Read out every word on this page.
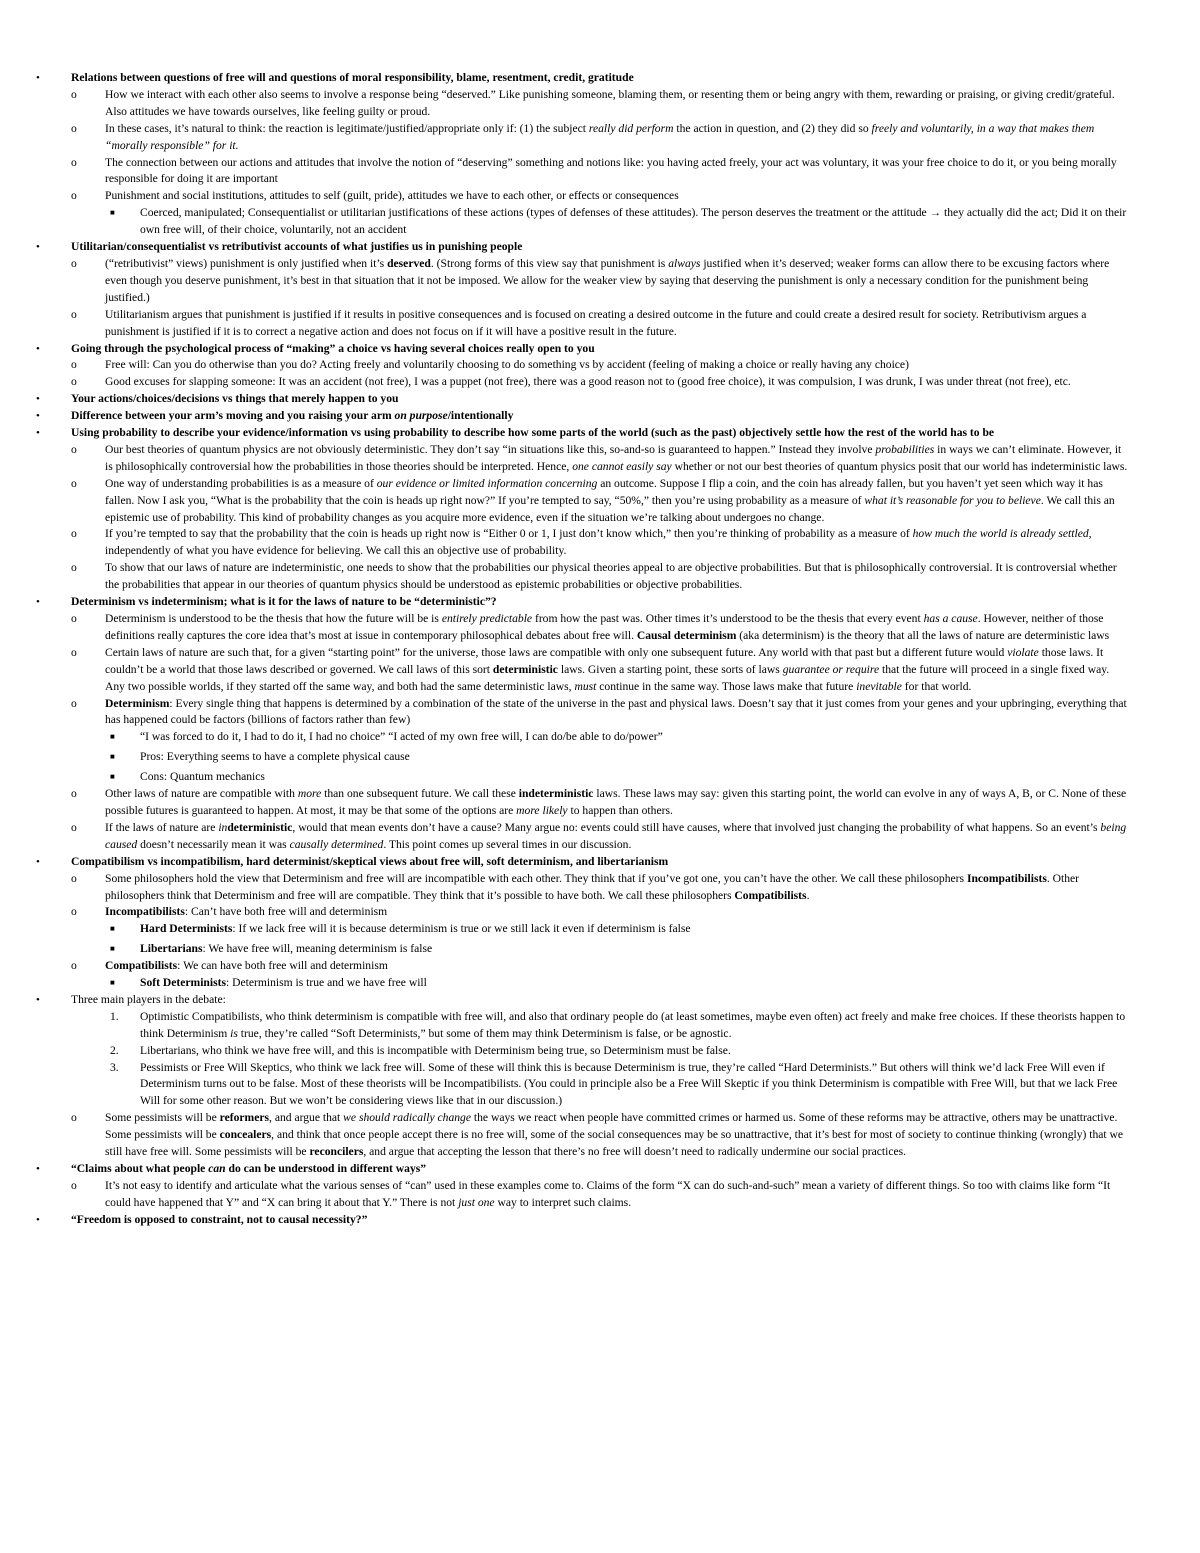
•	Relations between questions of free will and questions of moral responsibility, blame, resentment, credit, gratitude
o	How we interact with each other also seems to involve a response being “deserved.” Like punishing someone, blaming them, or resenting them or being angry with them, rewarding or praising, or giving credit/grateful. Also attitudes we have towards ourselves, like feeling guilty or proud.
o	In these cases, it’s natural to think: the reaction is legitimate/justified/appropriate only if: (1) the subject really did perform the action in question, and (2) they did so freely and voluntarily, in a way that makes them “morally responsible” for it.
o	The connection between our actions and attitudes that involve the notion of “deserving” something and notions like: you having acted freely, your act was voluntary, it was your free choice to do it, or you being morally responsible for doing it are important
o	Punishment and social institutions, attitudes to self (guilt, pride), attitudes we have to each other, or effects or consequences
■	Coerced, manipulated; Consequentialist or utilitarian justifications of these actions (types of defenses of these attitudes). The person deserves the treatment or the attitude → they actually did the act; Did it on their own free will, of their choice, voluntarily, not an accident
•	Utilitarian/consequentialist vs retributivist accounts of what justifies us in punishing people
o	(“retributivist” views) punishment is only justified when it’s deserved. (Strong forms of this view say that punishment is always justified when it’s deserved; weaker forms can allow there to be excusing factors where even though you deserve punishment, it’s best in that situation that it not be imposed. We allow for the weaker view by saying that deserving the punishment is only a necessary condition for the punishment being justified.)
o	Utilitarianism argues that punishment is justified if it results in positive consequences and is focused on creating a desired outcome in the future and could create a desired result for society. Retributivism argues a punishment is justified if it is to correct a negative action and does not focus on if it will have a positive result in the future.
•	Going through the psychological process of “making” a choice vs having several choices really open to you
o	Free will: Can you do otherwise than you do? Acting freely and voluntarily choosing to do something vs by accident (feeling of making a choice or really having any choice)
o	Good excuses for slapping someone: It was an accident (not free), I was a puppet (not free), there was a good reason not to (good free choice), it was compulsion, I was drunk, I was under threat (not free), etc.
•	Your actions/choices/decisions vs things that merely happen to you
•	Difference between your arm’s moving and you raising your arm on purpose/intentionally
•	Using probability to describe your evidence/information vs using probability to describe how some parts of the world (such as the past) objectively settle how the rest of the world has to be
o	Our best theories of quantum physics are not obviously deterministic. They don’t say “in situations like this, so-and-so is guaranteed to happen.” Instead they involve probabilities in ways we can’t eliminate. However, it is philosophically controversial how the probabilities in those theories should be interpreted. Hence, one cannot easily say whether or not our best theories of quantum physics posit that our world has indeterministic laws.
o	One way of understanding probabilities is as a measure of our evidence or limited information concerning an outcome. Suppose I flip a coin, and the coin has already fallen, but you haven’t yet seen which way it has fallen. Now I ask you, “What is the probability that the coin is heads up right now?” If you’re tempted to say, “50%,” then you’re using probability as a measure of what it’s reasonable for you to believe. We call this an epistemic use of probability. This kind of probability changes as you acquire more evidence, even if the situation we’re talking about undergoes no change.
o	If you’re tempted to say that the probability that the coin is heads up right now is “Either 0 or 1, I just don’t know which,” then you’re thinking of probability as a measure of how much the world is already settled, independently of what you have evidence for believing. We call this an objective use of probability.
o	To show that our laws of nature are indeterministic, one needs to show that the probabilities our physical theories appeal to are objective probabilities. But that is philosophically controversial. It is controversial whether the probabilities that appear in our theories of quantum physics should be understood as epistemic probabilities or objective probabilities.
•	Determinism vs indeterminism; what is it for the laws of nature to be “deterministic”?
o	Determinism is understood to be the thesis that how the future will be is entirely predictable from how the past was. Other times it’s understood to be the thesis that every event has a cause. However, neither of those definitions really captures the core idea that’s most at issue in contemporary philosophical debates about free will. Causal determinism (aka determinism) is the theory that all the laws of nature are deterministic laws
o	Certain laws of nature are such that, for a given “starting point” for the universe, those laws are compatible with only one subsequent future. Any world with that past but a different future would violate those laws. It couldn’t be a world that those laws described or governed. We call laws of this sort deterministic laws. Given a starting point, these sorts of laws guarantee or require that the future will proceed in a single fixed way. Any two possible worlds, if they started off the same way, and both had the same deterministic laws, must continue in the same way. Those laws make that future inevitable for that world.
o	Determinism: Every single thing that happens is determined by a combination of the state of the universe in the past and physical laws. Doesn’t say that it just comes from your genes and your upbringing, everything that has happened could be factors (billions of factors rather than few)
■	“I was forced to do it, I had to do it, I had no choice” “I acted of my own free will, I can do/be able to do/power”
■	Pros: Everything seems to have a complete physical cause
■	Cons: Quantum mechanics
o	Other laws of nature are compatible with more than one subsequent future. We call these indeterministic laws. These laws may say: given this starting point, the world can evolve in any of ways A, B, or C. None of these possible futures is guaranteed to happen. At most, it may be that some of the options are more likely to happen than others.
o	If the laws of nature are indeterministic, would that mean events don’t have a cause? Many argue no: events could still have causes, where that involved just changing the probability of what happens. So an event’s being caused doesn’t necessarily mean it was causally determined. This point comes up several times in our discussion.
•	Compatibilism vs incompatibilism, hard determinist/skeptical views about free will, soft determinism, and libertarianism
o	Some philosophers hold the view that Determinism and free will are incompatible with each other. They think that if you’ve got one, you can’t have the other. We call these philosophers Incompatibilists. Other philosophers think that Determinism and free will are compatible. They think that it’s possible to have both. We call these philosophers Compatibilists.
o	Incompatibilists: Can’t have both free will and determinism
■	Hard Determinists: If we lack free will it is because determinism is true or we still lack it even if determinism is false
■	Libertarians: We have free will, meaning determinism is false
o	Compatibilists: We can have both free will and determinism
■	Soft Determinists: Determinism is true and we have free will
•	Three main players in the debate:
1.	Optimistic Compatibilists, who think determinism is compatible with free will, and also that ordinary people do (at least sometimes, maybe even often) act freely and make free choices. If these theorists happen to think Determinism is true, they’re called “Soft Determinists,” but some of them may think Determinism is false, or be agnostic.
2.	Libertarians, who think we have free will, and this is incompatible with Determinism being true, so Determinism must be false.
3.	Pessimists or Free Will Skeptics, who think we lack free will. Some of these will think this is because Determinism is true, they’re called “Hard Determinists.” But others will think we’d lack Free Will even if Determinism turns out to be false. Most of these theorists will be Incompatibilists. (You could in principle also be a Free Will Skeptic if you think Determinism is compatible with Free Will, but that we lack Free Will for some other reason. But we won’t be considering views like that in our discussion.)
o	Some pessimists will be reformers, and argue that we should radically change the ways we react when people have committed crimes or harmed us. Some of these reforms may be attractive, others may be unattractive. Some pessimists will be concealers, and think that once people accept there is no free will, some of the social consequences may be so unattractive, that it’s best for most of society to continue thinking (wrongly) that we still have free will. Some pessimists will be reconcilers, and argue that accepting the lesson that there’s no free will doesn’t need to radically undermine our social practices.
•	“Claims about what people can do can be understood in different ways”
o	It’s not easy to identify and articulate what the various senses of “can” used in these examples come to. Claims of the form “X can do such-and-such” mean a variety of different things. So too with claims like form “It could have happened that Y” and “X can bring it about that Y.” There is not just one way to interpret such claims.
•	“Freedom is opposed to constraint, not to causal necessity?”
